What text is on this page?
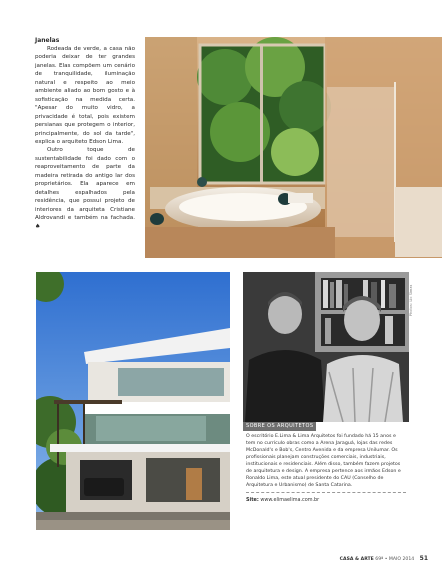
Janelas

Rodeada de verde, a casa não poderia deixar de ter grandes janelas. Elas compõem um cenário de tranquilidade, iluminação natural e respeito ao meio ambiente aliado ao bom gosto e à sofisticação na medida certa. "Apesar do muito vidro, a privacidade é total, pois existem persianas que protegem o interior, principalmente, do sol da tarde", explica o arquiteto Edson Lima.

Outro toque de sustentabilidade foi dado com o reaproveitamento de parte da madeira retirada do antigo lar dos proprietários. Ela aparece em detalhes espalhados pela residência, que possui projeto de interiores da arquiteta Cristiane Aldrovandi e também na fachada. ♠

Photos: Lio Simas
SOBRE OS ARQUITETOS

O escritório E.Lima & Lima Arquitetos foi fundado há 15 anos e tem no currículo obras como a Arena Jaraguá, lojas das redes McDonald's e Bob's, Centro Avenida e da empresa Unilumar. Os profissionais planejam construções comerciais, industriais, institucionais e residenciais. Além disso, também fazem projetos de arquitetura e design. A empresa pertence aos irmãos Edson e Ronaldo Lima, este atual presidente do CAU (Conselho de Arquitetura e Urbanismo) de Santa Catarina.

Site: www.elimaelima.com.br
CASA & ARTE 69ª • MAIO 2014 51
